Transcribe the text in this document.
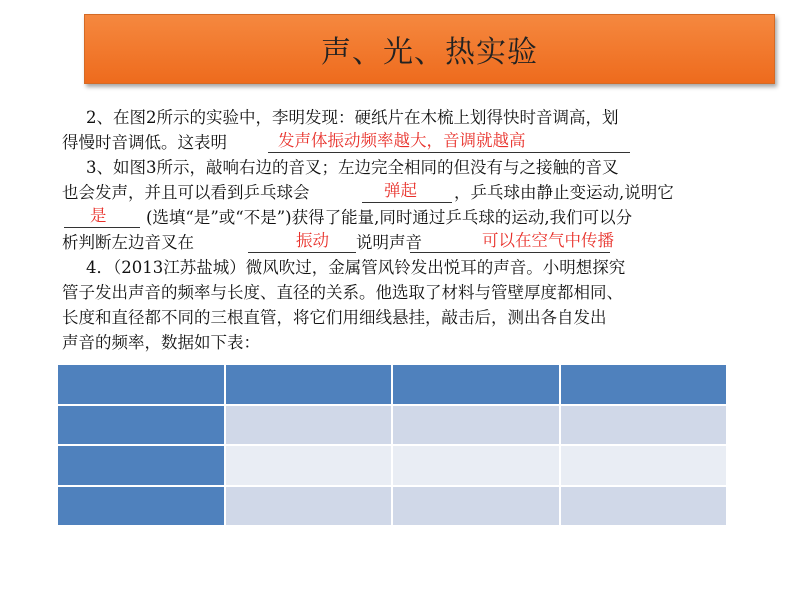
声、光、热实验
2、在图2所示的实验中，李明发现：硬纸片在木梳上划得快时音调高，划
得慢时音调低。这表明	发声体振动频率越大，音调就越高
3、如图3所示，敲响右边的音叉；左边完全相同的但没有与之接触的音叉
也会发声，并且可以看到乒乓球会	弹起 ，乒乓球由静止变运动,说明它
是 (选填“是”或“不是”)获得了能量,同时通过乒乓球的运动,我们可以分
析判断左边音叉在	振动 说明声音	可以在空气中传播
4．（2013江苏盐城）微风吹过，金属管风铃发出悦耳的声音。小明想探究
管子发出声音的频率与长度、直径的关系。他选取了材料与管壁厚度都相同、
长度和直径都不同的三根直管，将它们用细线悬挂，敲击后，测出各自发出
声音的频率，数据如下表：
